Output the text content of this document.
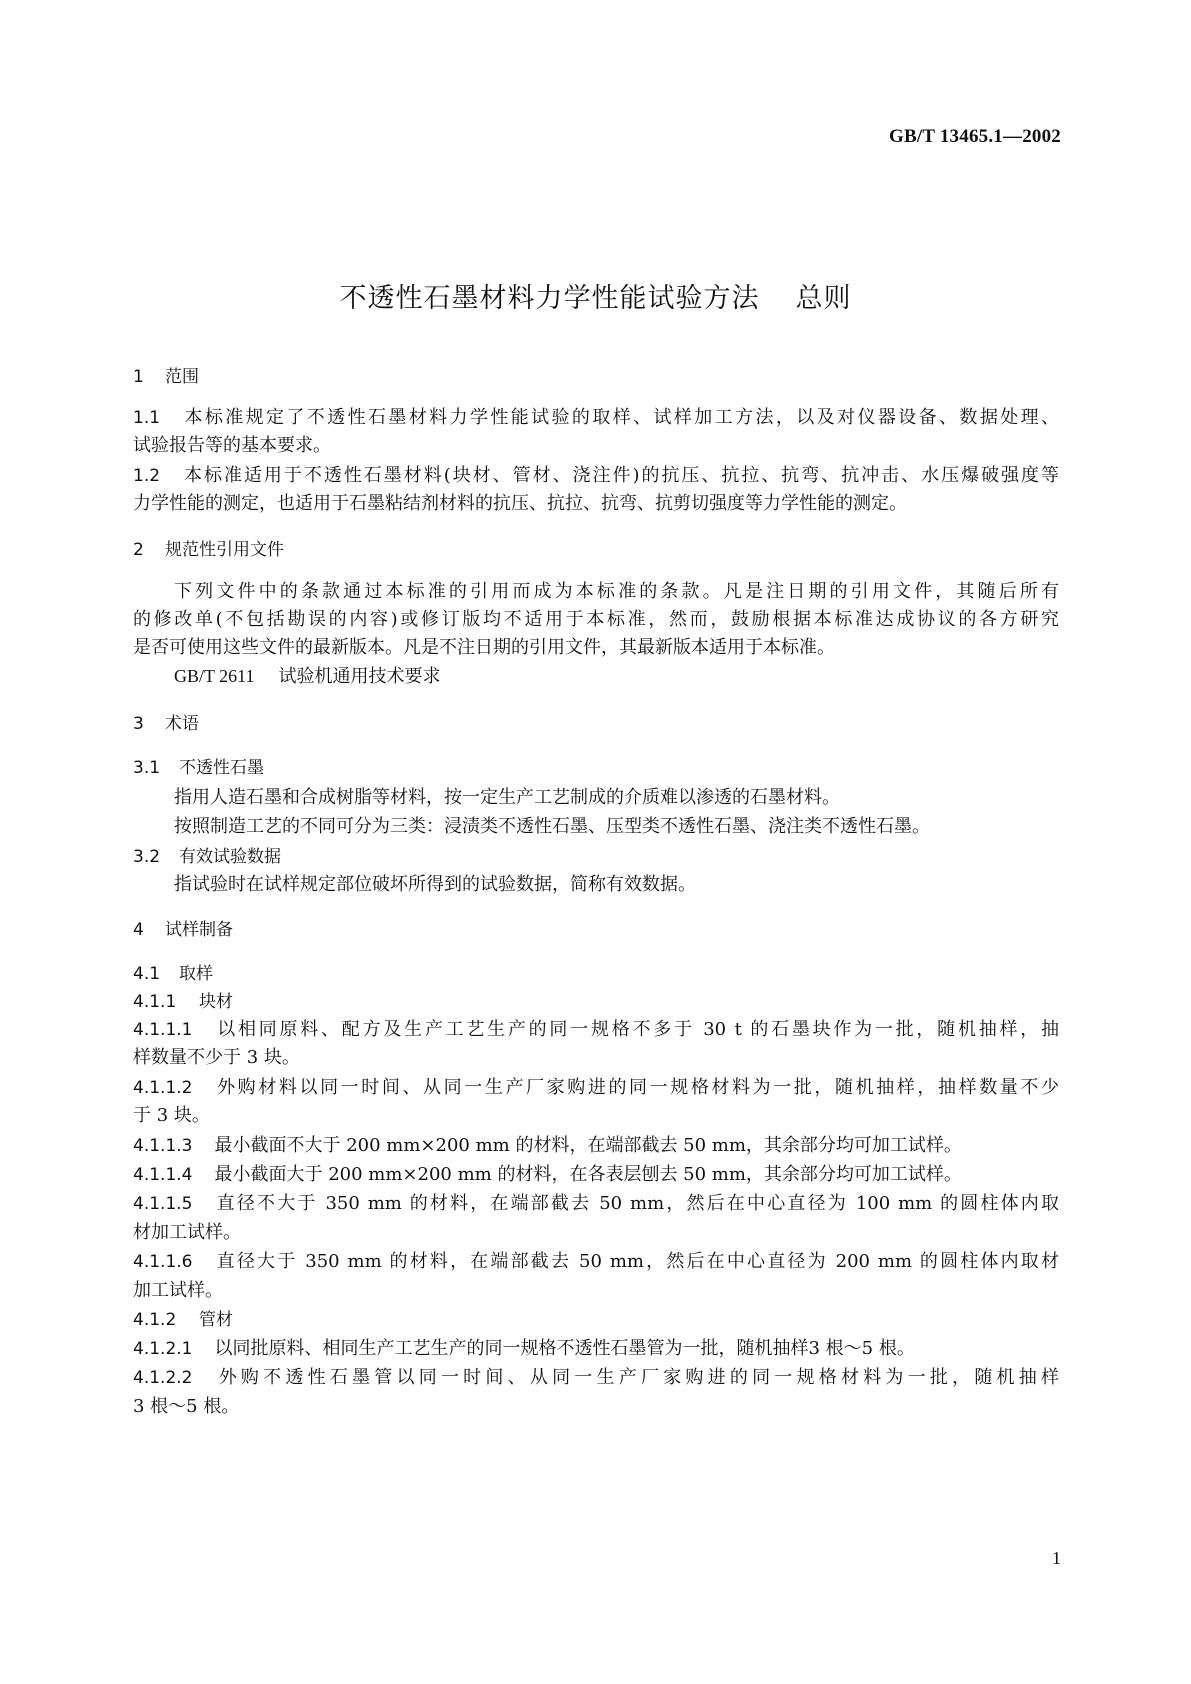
GB/T 13465.1—2002
不透性石墨材料力学性能试验方法 总则
1 范围
1.1 本标准规定了不透性石墨材料力学性能试验的取样、试样加工方法，以及对仪器设备、数据处理、
试验报告等的基本要求。
1.2 本标准适用于不透性石墨材料(块材、管材、浇注件)的抗压、抗拉、抗弯、抗冲击、水压爆破强度等
力学性能的测定，也适用于石墨粘结剂材料的抗压、抗拉、抗弯、抗剪切强度等力学性能的测定。
2 规范性引用文件
下列文件中的条款通过本标准的引用而成为本标准的条款。凡是注日期的引用文件，其随后所有
的修改单(不包括勘误的内容)或修订版均不适用于本标准，然而，鼓励根据本标准达成协议的各方研究
是否可使用这些文件的最新版本。凡是不注日期的引用文件，其最新版本适用于本标准。
GB/T 2611 试验机通用技术要求
3 术语
3.1 不透性石墨
指用人造石墨和合成树脂等材料，按一定生产工艺制成的介质难以渗透的石墨材料。
按照制造工艺的不同可分为三类：浸渍类不透性石墨、压型类不透性石墨、浇注类不透性石墨。
3.2 有效试验数据
指试验时在试样规定部位破坏所得到的试验数据，简称有效数据。
4 试样制备
4.1 取样
4.1.1 块材
4.1.1.1 以相同原料、配方及生产工艺生产的同一规格不多于 30 t 的石墨块作为一批，随机抽样，抽
样数量不少于 3 块。
4.1.1.2 外购材料以同一时间、从同一生产厂家购进的同一规格材料为一批，随机抽样，抽样数量不少
于 3 块。
4.1.1.3 最小截面不大于 200 mm×200 mm 的材料，在端部截去 50 mm，其余部分均可加工试样。
4.1.1.4 最小截面大于 200 mm×200 mm 的材料，在各表层刨去 50 mm，其余部分均可加工试样。
4.1.1.5 直径不大于 350 mm 的材料，在端部截去 50 mm，然后在中心直径为 100 mm 的圆柱体内取
材加工试样。
4.1.1.6 直径大于 350 mm 的材料，在端部截去 50 mm，然后在中心直径为 200 mm 的圆柱体内取材
加工试样。
4.1.2 管材
4.1.2.1 以同批原料、相同生产工艺生产的同一规格不透性石墨管为一批，随机抽样3 根～5 根。
4.1.2.2 外购不透性石墨管以同一时间、从同一生产厂家购进的同一规格材料为一批，随机抽样
3 根～5 根。
1
